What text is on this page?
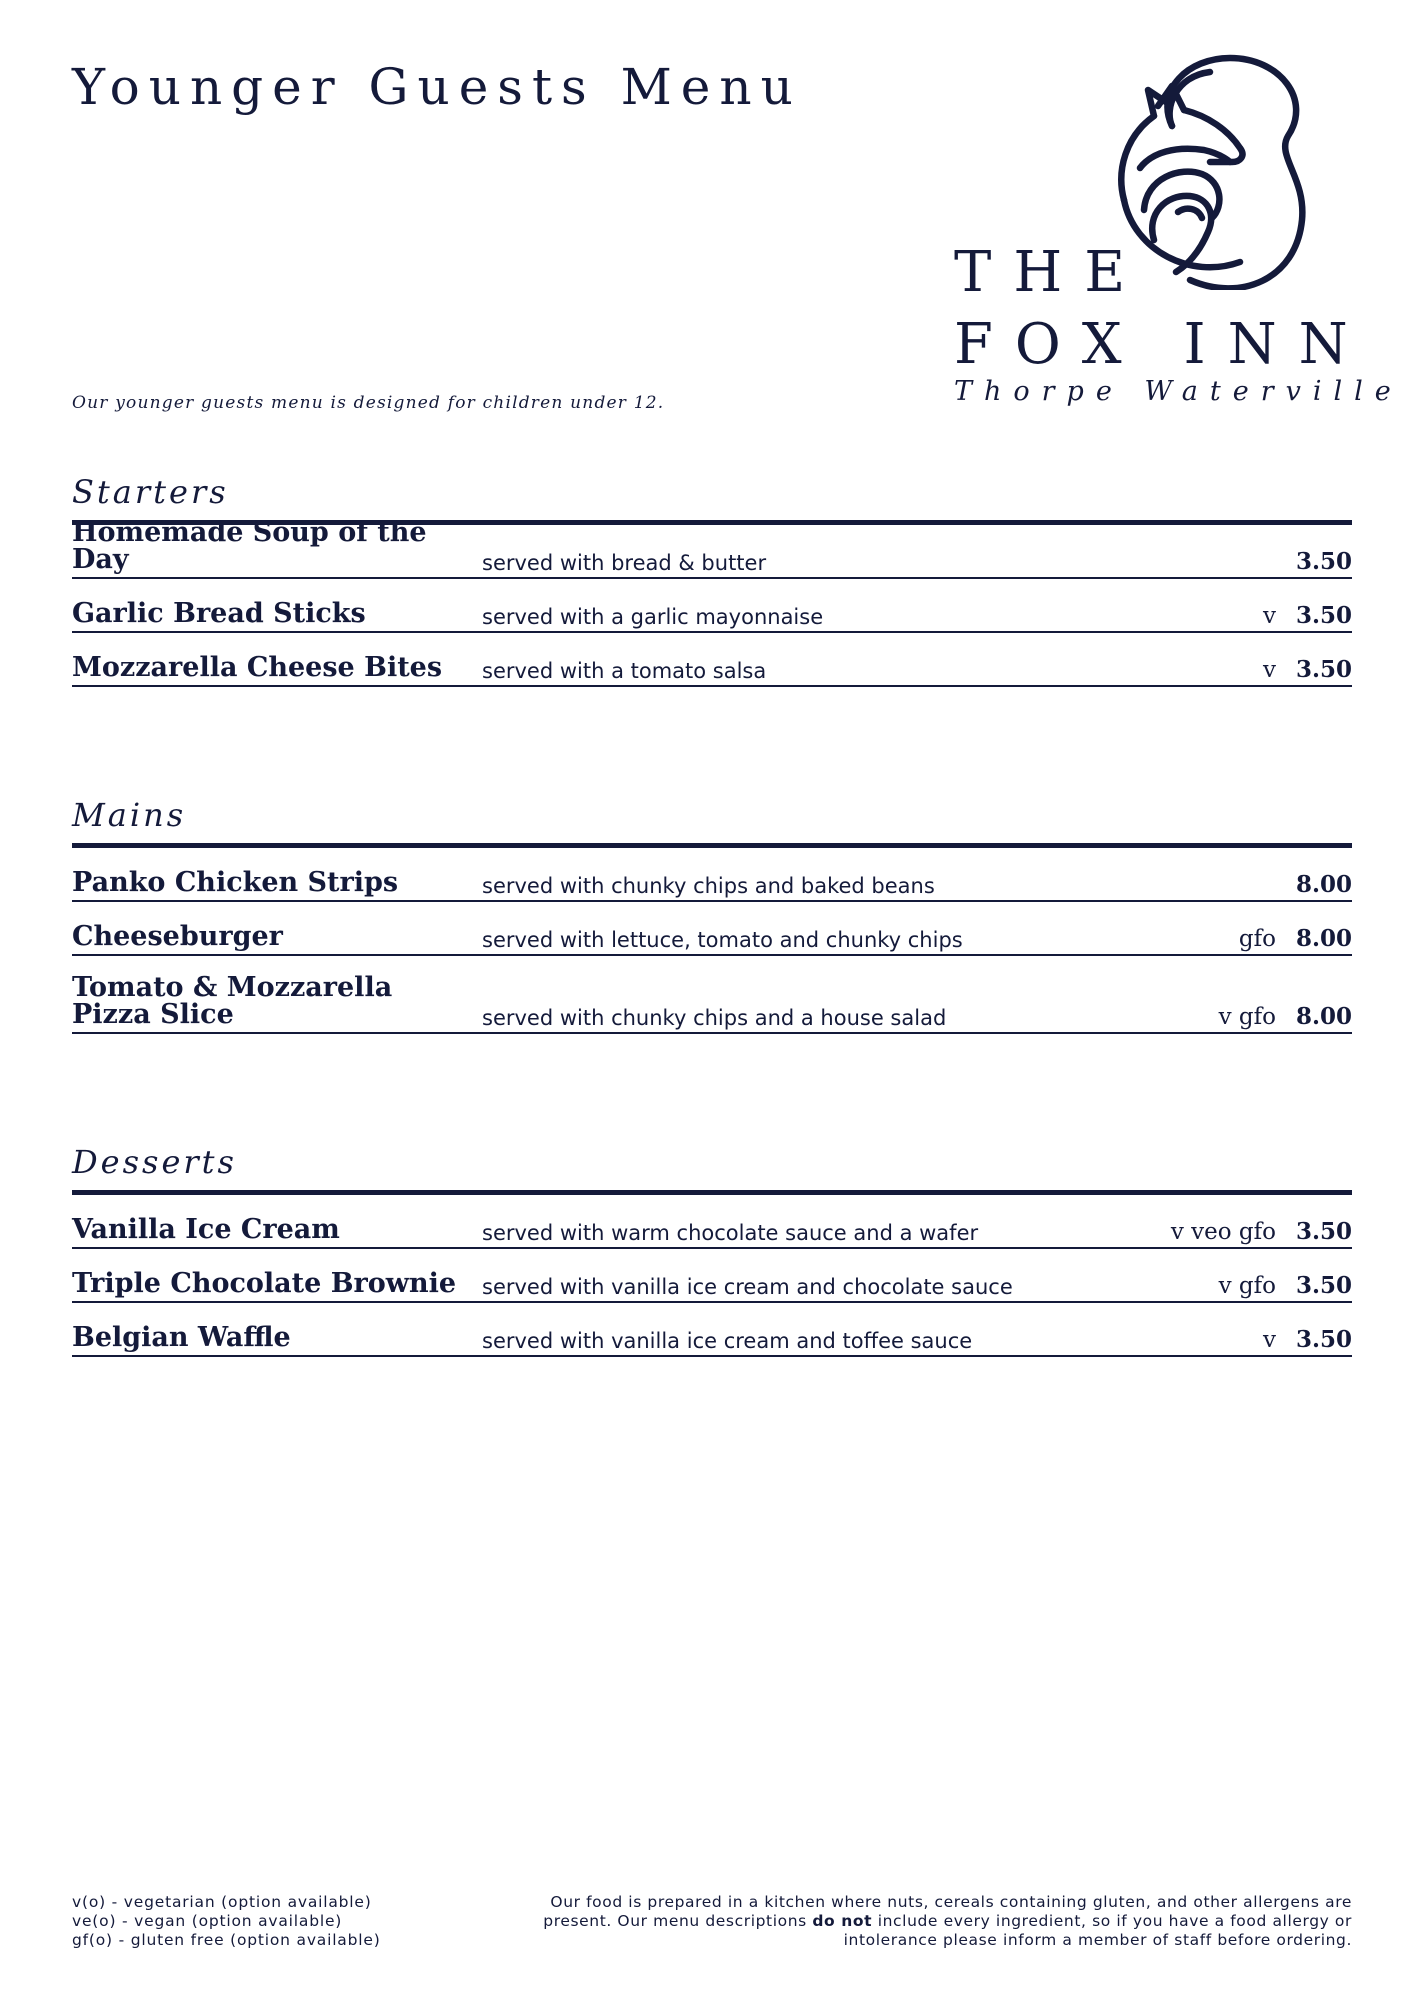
Younger Guests Menu
THE
FOX INN
Thorpe Waterville

Our younger guests menu is designed for children under 12.

Starters
Homemade Soup of the Day	served with bread & butter	3.50
Garlic Bread Sticks	served with a garlic mayonnaise	v 3.50
Mozzarella Cheese Bites	served with a tomato salsa	v 3.50
Mains
Panko Chicken Strips	served with chunky chips and baked beans	8.00
Cheeseburger	served with lettuce, tomato and chunky chips	gfo 8.00
Tomato & Mozzarella Pizza Slice	served with chunky chips and a house salad	v gfo 8.00
Desserts
Vanilla Ice Cream	served with warm chocolate sauce and a wafer	v veo gfo 3.50
Triple Chocolate Brownie	served with vanilla ice cream and chocolate sauce	v gfo 3.50
Belgian Waffle	served with vanilla ice cream and toffee sauce	v 3.50
v(o) - vegetarian (option available)
ve(o) - vegan (option available)
gf(o) - gluten free (option available)
Our food is prepared in a kitchen where nuts, cereals containing gluten, and other allergens are present. Our menu descriptions do not include every ingredient, so if you have a food allergy or intolerance please inform a member of staff before ordering.
